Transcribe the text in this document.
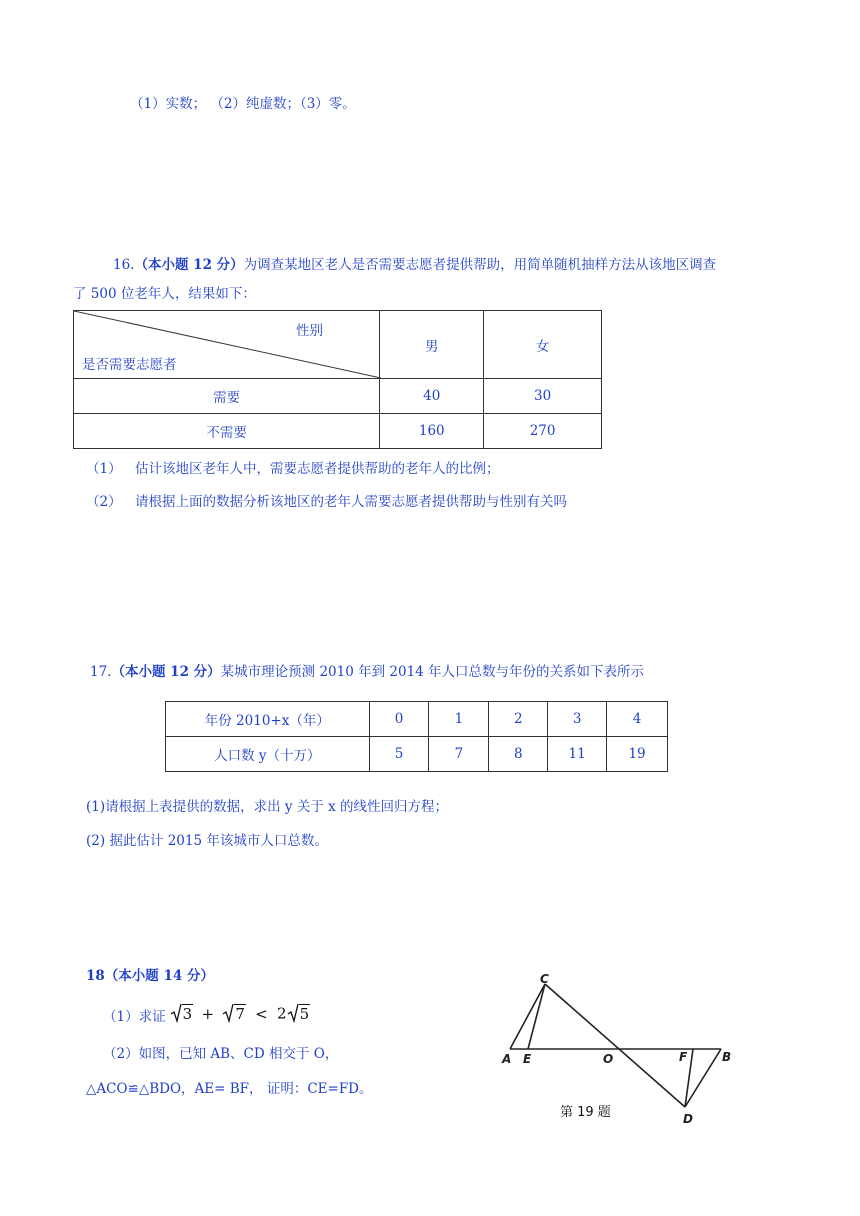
（1）实数； （2）纯虚数；（3）零。
16.（本小题 12 分）为调查某地区老人是否需要志愿者提供帮助，用简单随机抽样方法从该地区调查
了 500 位老年人，结果如下：
性别
是否需要志愿者	男	女
需要	40	30
不需要	160	270
（1） 估计该地区老年人中，需要志愿者提供帮助的老年人的比例；
（2） 请根据上面的数据分析该地区的老年人需要志愿者提供帮助与性别有关吗
17.（本小题 12 分）某城市理论预测 2010 年到 2014 年人口总数与年份的关系如下表所示
年份 2010+x（年）	0	1	2	3	4
人口数 y（十万）	5	7	8	11	19
(1)请根据上表提供的数据，求出 y 关于 x 的线性回归方程；
(2) 据此估计 2015 年该城市人口总数。
18（本小题 14 分）
（1）求证	3 + 7 < 2 5
（2）如图，已知 AB、CD 相交于 O，
△ACO≌△BDO，AE= BF， 证明：CE=FD。
C
A E	O	F	B
D
第 19 题
